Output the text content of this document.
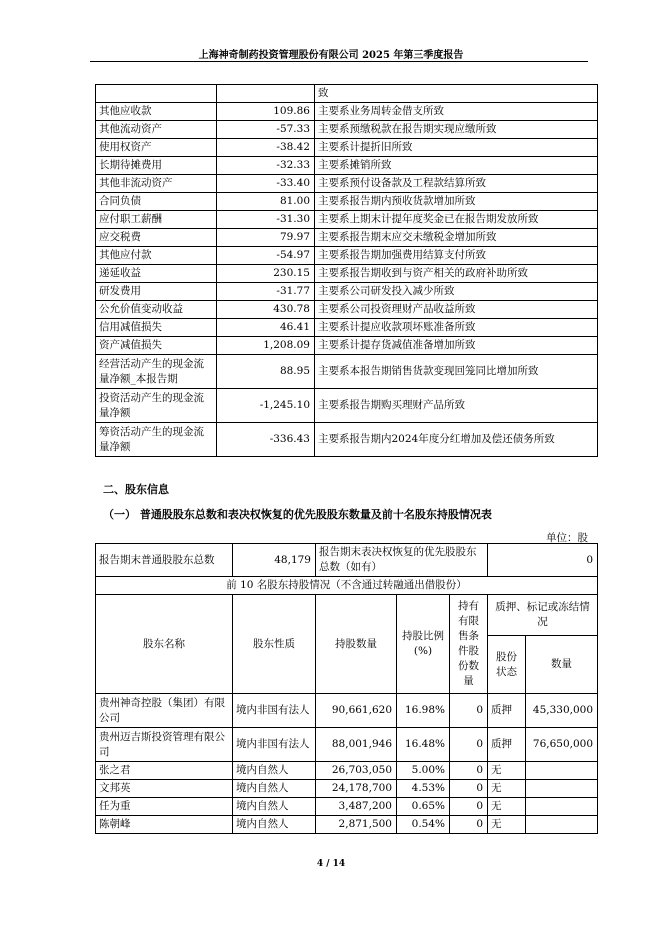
上海神奇制药投资管理股份有限公司 2025 年第三季度报告
		致
其他应收款	109.86	主要系业务周转金借支所致
其他流动资产	-57.33	主要系预缴税款在报告期实现应缴所致
使用权资产	-38.42	主要系计提折旧所致
长期待摊费用	-32.33	主要系摊销所致
其他非流动资产	-33.40	主要系预付设备款及工程款结算所致
合同负债	81.00	主要系报告期内预收货款增加所致
应付职工薪酬	-31.30	主要系上期末计提年度奖金已在报告期发放所致
应交税费	79.97	主要系报告期末应交未缴税金增加所致
其他应付款	-54.97	主要系报告期加强费用结算支付所致
递延收益	230.15	主要系报告期收到与资产相关的政府补助所致
研发费用	-31.77	主要系公司研发投入减少所致
公允价值变动收益	430.78	主要系公司投资理财产品收益所致
信用减值损失	46.41	主要系计提应收款项坏账准备所致
资产减值损失	1,208.09	主要系计提存货减值准备增加所致
经营活动产生的现金流量净额_本报告期	88.95	主要系本报告期销售货款变现回笼同比增加所致
投资活动产生的现金流量净额	-1,245.10	主要系报告期购买理财产品所致
筹资活动产生的现金流量净额	-336.43	主要系报告期内2024年度分红增加及偿还债务所致
二、股东信息
（一） 普通股股东总数和表决权恢复的优先股股东数量及前十名股东持股情况表
单位：股
报告期末普通股股东总数	48,179	报告期末表决权恢复的优先股股东总数（如有）			0	
前 10 名股东持股情况（不含通过转融通出借股份）						
股东名称	股东性质	持股数量	持股比例(%)	持有有限售条件股份数量	质押、标记或冻结情况	
					股份状态	数量
贵州神奇控股（集团）有限公司	境内非国有法人	90,661,620	16.98%	0	质押	45,330,000
贵州迈吉斯投资管理有限公司	境内非国有法人	88,001,946	16.48%	0	质押	76,650,000
张之君	境内自然人	26,703,050	5.00%	0	无	
文邦英	境内自然人	24,178,700	4.53%	0	无	
任为重	境内自然人	3,487,200	0.65%	0	无	
陈朝峰	境内自然人	2,871,500	0.54%	0	无	
4 / 14
